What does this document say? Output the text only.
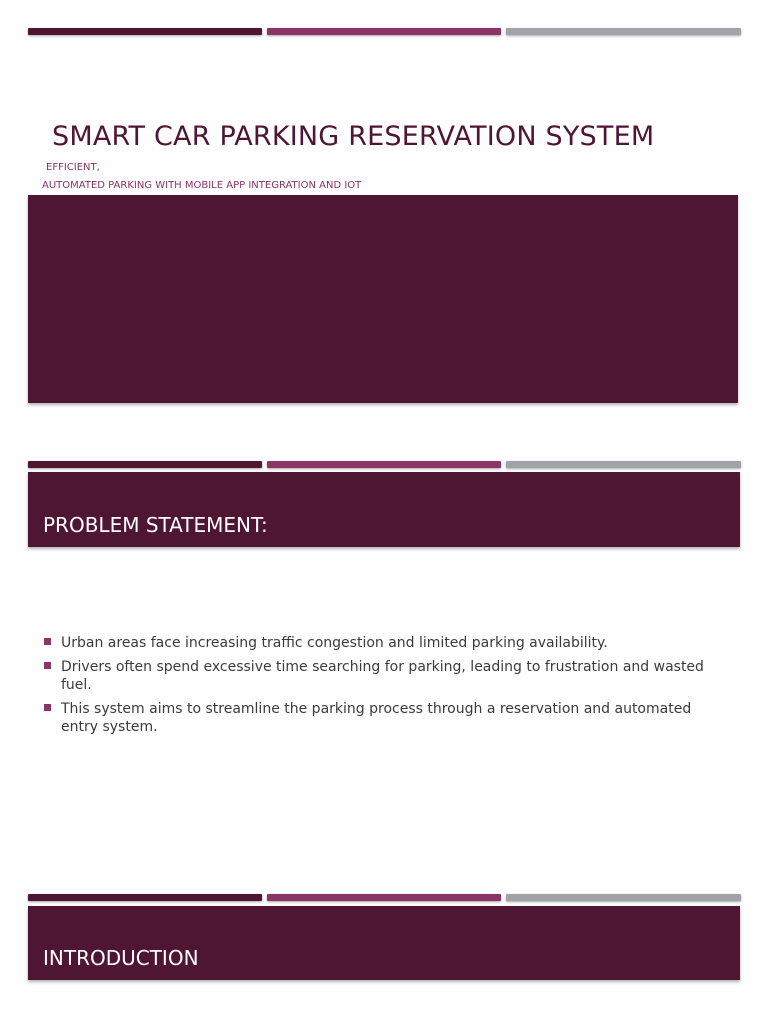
SMART CAR PARKING RESERVATION SYSTEM
EFFICIENT,
AUTOMATED PARKING WITH MOBILE APP INTEGRATION AND IOT
PROBLEM STATEMENT:
Urban areas face increasing traffic congestion and limited parking availability.
Drivers often spend excessive time searching for parking, leading to frustration and wasted fuel.
This system aims to streamline the parking process through a reservation and automated entry system.
INTRODUCTION
